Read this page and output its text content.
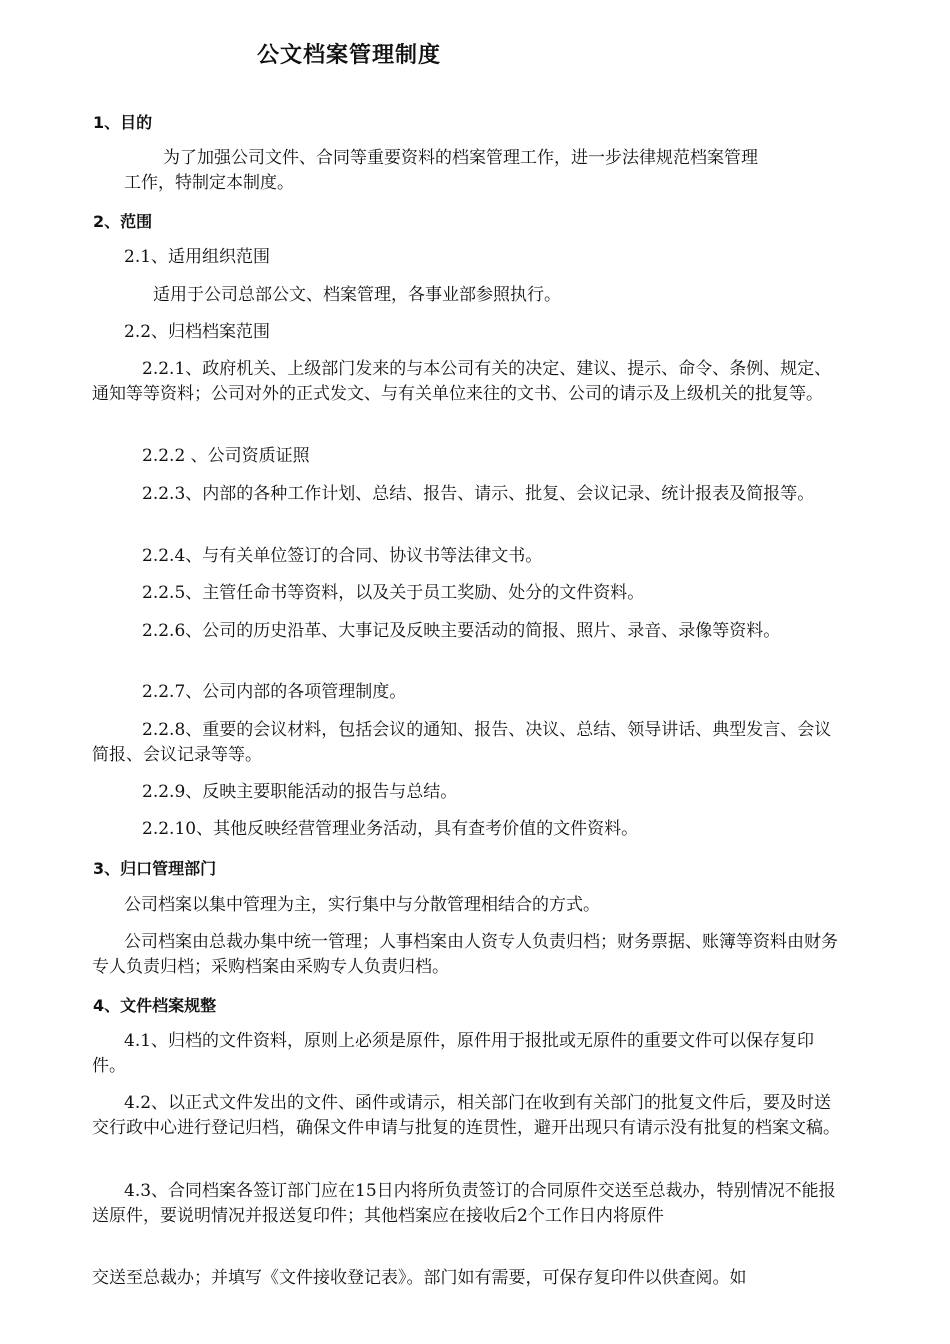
公文档案管理制度
1、目的

为了加强公司文件、合同等重要资料的档案管理工作，进一步法律规范档案管理

工作，特制定本制度。

2、范围

2.1、适用组织范围

适用于公司总部公文、档案管理，各事业部参照执行。

2.2、归档档案范围

2.2.1、政府机关、上级部门发来的与本公司有关的决定、建议、提示、命令、条例、规定、通知等等资料；公司对外的正式发文、与有关单位来往的文书、公司的请示及上级机关的批复等。

2.2.2 、公司资质证照

2.2.3、内部的各种工作计划、总结、报告、请示、批复、会议记录、统计报表及简报等。

2.2.4、与有关单位签订的合同、协议书等法律文书。

2.2.5、主管任命书等资料，以及关于员工奖励、处分的文件资料。

2.2.6、公司的历史沿革、大事记及反映主要活动的简报、照片、录音、录像等资料。

2.2.7、公司内部的各项管理制度。

2.2.8、重要的会议材料，包括会议的通知、报告、决议、总结、领导讲话、典型发言、会议简报、会议记录等等。

2.2.9、反映主要职能活动的报告与总结。

2.2.10、其他反映经营管理业务活动，具有查考价值的文件资料。

3、归口管理部门

公司档案以集中管理为主，实行集中与分散管理相结合的方式。

公司档案由总裁办集中统一管理；人事档案由人资专人负责归档；财务票据、账簿等资料由财务专人负责归档；采购档案由采购专人负责归档。

4、文件档案规整

4.1、归档的文件资料，原则上必须是原件，原件用于报批或无原件的重要文件可以保存复印件。

4.2、以正式文件发出的文件、函件或请示，相关部门在收到有关部门的批复文件后，要及时送交行政中心进行登记归档，确保文件申请与批复的连贯性，避开出现只有请示没有批复的档案文稿。

4.3、合同档案各签订部门应在15日内将所负责签订的合同原件交送至总裁办，特别情况不能报送原件，要说明情况并报送复印件；其他档案应在接收后2个工作日内将原件

交送至总裁办；并填写《文件接收登记表》。部门如有需要，可保存复印件以供查阅。如
